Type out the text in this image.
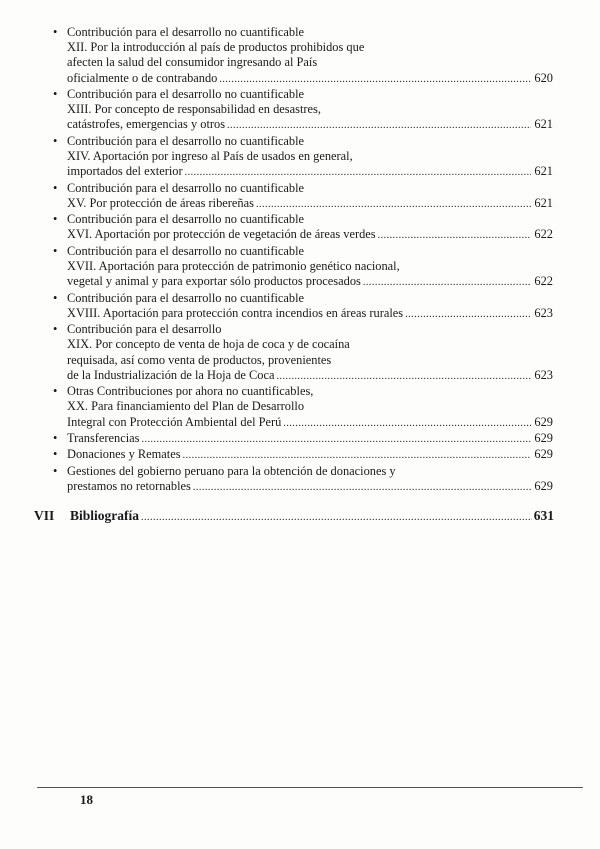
• Contribución para el desarrollo no cuantificable
XII. Por la introducción al país de productos prohibidos que
afecten la salud del consumidor ingresando al País
oficialmente o de contrabando .....	620
• Contribución para el desarrollo no cuantificable
XIII. Por concepto de responsabilidad en desastres,
catástrofes, emergencias y otros .....	621
• Contribución para el desarrollo no cuantificable
XIV. Aportación por ingreso al País de usados en general,
importados del exterior .....	621
• Contribución para el desarrollo no cuantificable
XV. Por protección de áreas ribereñas .....	621
• Contribución para el desarrollo no cuantificable
XVI. Aportación por protección de vegetación de áreas verdes .....	622
• Contribución para el desarrollo no cuantificable
XVII. Aportación para protección de patrimonio genético nacional,
vegetal y animal y para exportar sólo productos procesados .....	622
• Contribución para el desarrollo no cuantificable
XVIII. Aportación para protección contra incendios en áreas rurales .....	623
• Contribución para el desarrollo
XIX. Por concepto de venta de hoja de coca y de cocaína
requisada, así como venta de productos, provenientes
de la Industrialización de la Hoja de Coca .....	623
• Otras Contribuciones por ahora no cuantificables,
XX. Para financiamiento del Plan de Desarrollo
Integral con Protección Ambiental del Perú .....	629
• Transferencias .....	629
• Donaciones y Remates .....	629
• Gestiones del gobierno peruano para la obtención de donaciones y
prestamos no retornables .....	629
VII	Bibliografía .....	631
18
